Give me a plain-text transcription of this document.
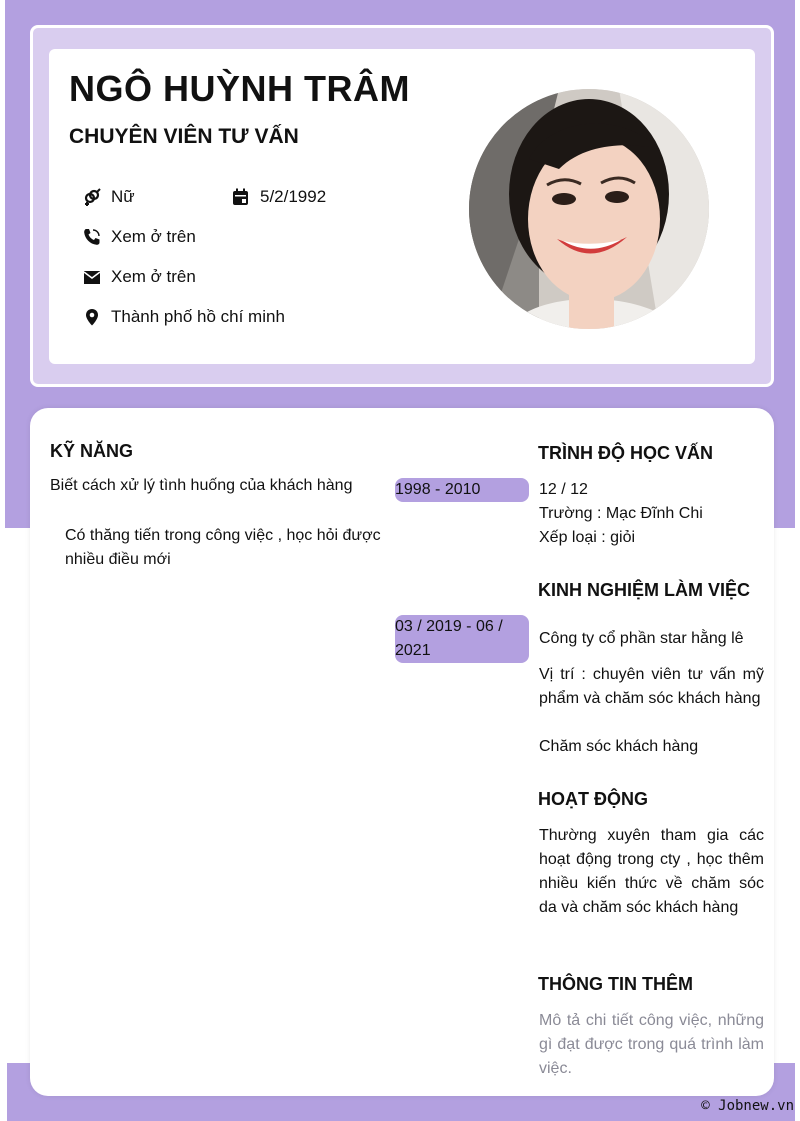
NGÔ HUỲNH TRÂM
CHUYÊN VIÊN TƯ VẤN
Nữ	5/2/1992
Xem ở trên
Xem ở trên
Thành phố hồ chí minh
KỸ NĂNG

Biết cách xử lý tình huống của khách hàng

Có thăng tiến trong công việc , học hỏi được nhiều điều mới

1998 - 2010
TRÌNH ĐỘ HỌC VẤN

12 / 12

Trường : Mạc Đĩnh Chi

Xếp loại : giỏi

KINH NGHIỆM LÀM VIỆC
03 / 2019 - 06 / 2021

Công ty cổ phần star hằng lê

Vị trí : chuyên viên tư vấn mỹ phẩm và chăm sóc khách hàng

Chăm sóc khách hàng

HOẠT ĐỘNG

Thường xuyên tham gia các hoạt động trong cty , học thêm nhiều kiến thức về chăm sóc da và chăm sóc khách hàng

THÔNG TIN THÊM

Mô tả chi tiết công việc, những gì đạt được trong quá trình làm việc.

© Jobnew.vn
